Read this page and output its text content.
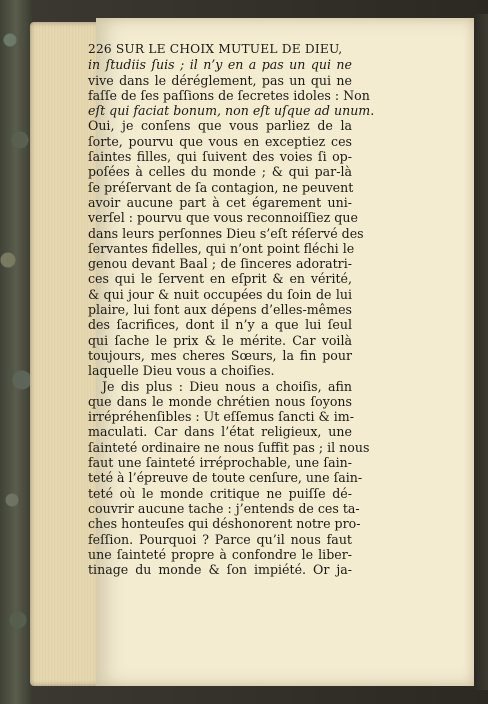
226 SUR LE CHOIX MUTUEL DE DIEU,
in ſtudiis ſuis ; il n’y en a pas un qui ne
vive dans le déréglement, pas un qui ne
faſſe de ſes paſſions de ſecretes idoles : Non
eſt qui faciat bonum, non eſt uſque ad unum.
Oui, je conſens que vous parliez de la
ſorte, pourvu que vous en exceptiez ces
ſaintes filles, qui ſuivent des voies ſi op-
poſées à celles du monde ; & qui par-là
ſe préſervant de ſa contagion, ne peuvent
avoir aucune part à cet égarement uni-
verſel : pourvu que vous reconnoiſſiez que
dans leurs perſonnes Dieu s’eſt réſervé des
ſervantes fidelles, qui n’ont point fléchi le
genou devant Baal ; de ſinceres adoratri-
ces qui le ſervent en eſprit & en vérité,
& qui jour & nuit occupées du ſoin de lui
plaire, lui font aux dépens d’elles-mêmes
des ſacrifices, dont il n’y a que lui ſeul
qui ſache le prix & le mérite. Car voilà
toujours, mes cheres Sœurs, la fin pour
laquelle Dieu vous a choiſies.
Je dis plus : Dieu nous a choiſis, afin
que dans le monde chrétien nous ſoyons
irrépréhenſibles : Ut eſſemus ſancti & im-
maculati. Car dans l’état religieux, une
ſainteté ordinaire ne nous ſuffit pas ; il nous
faut une ſainteté irréprochable, une ſain-
teté à l’épreuve de toute cenſure, une ſain-
teté où le monde critique ne puiſſe dé-
couvrir aucune tache : j’entends de ces ta-
ches honteuſes qui déshonorent notre pro-
feſſion. Pourquoi ? Parce qu’il nous faut
une ſainteté propre à confondre le liber-
tinage du monde & ſon impiété. Or ja-
